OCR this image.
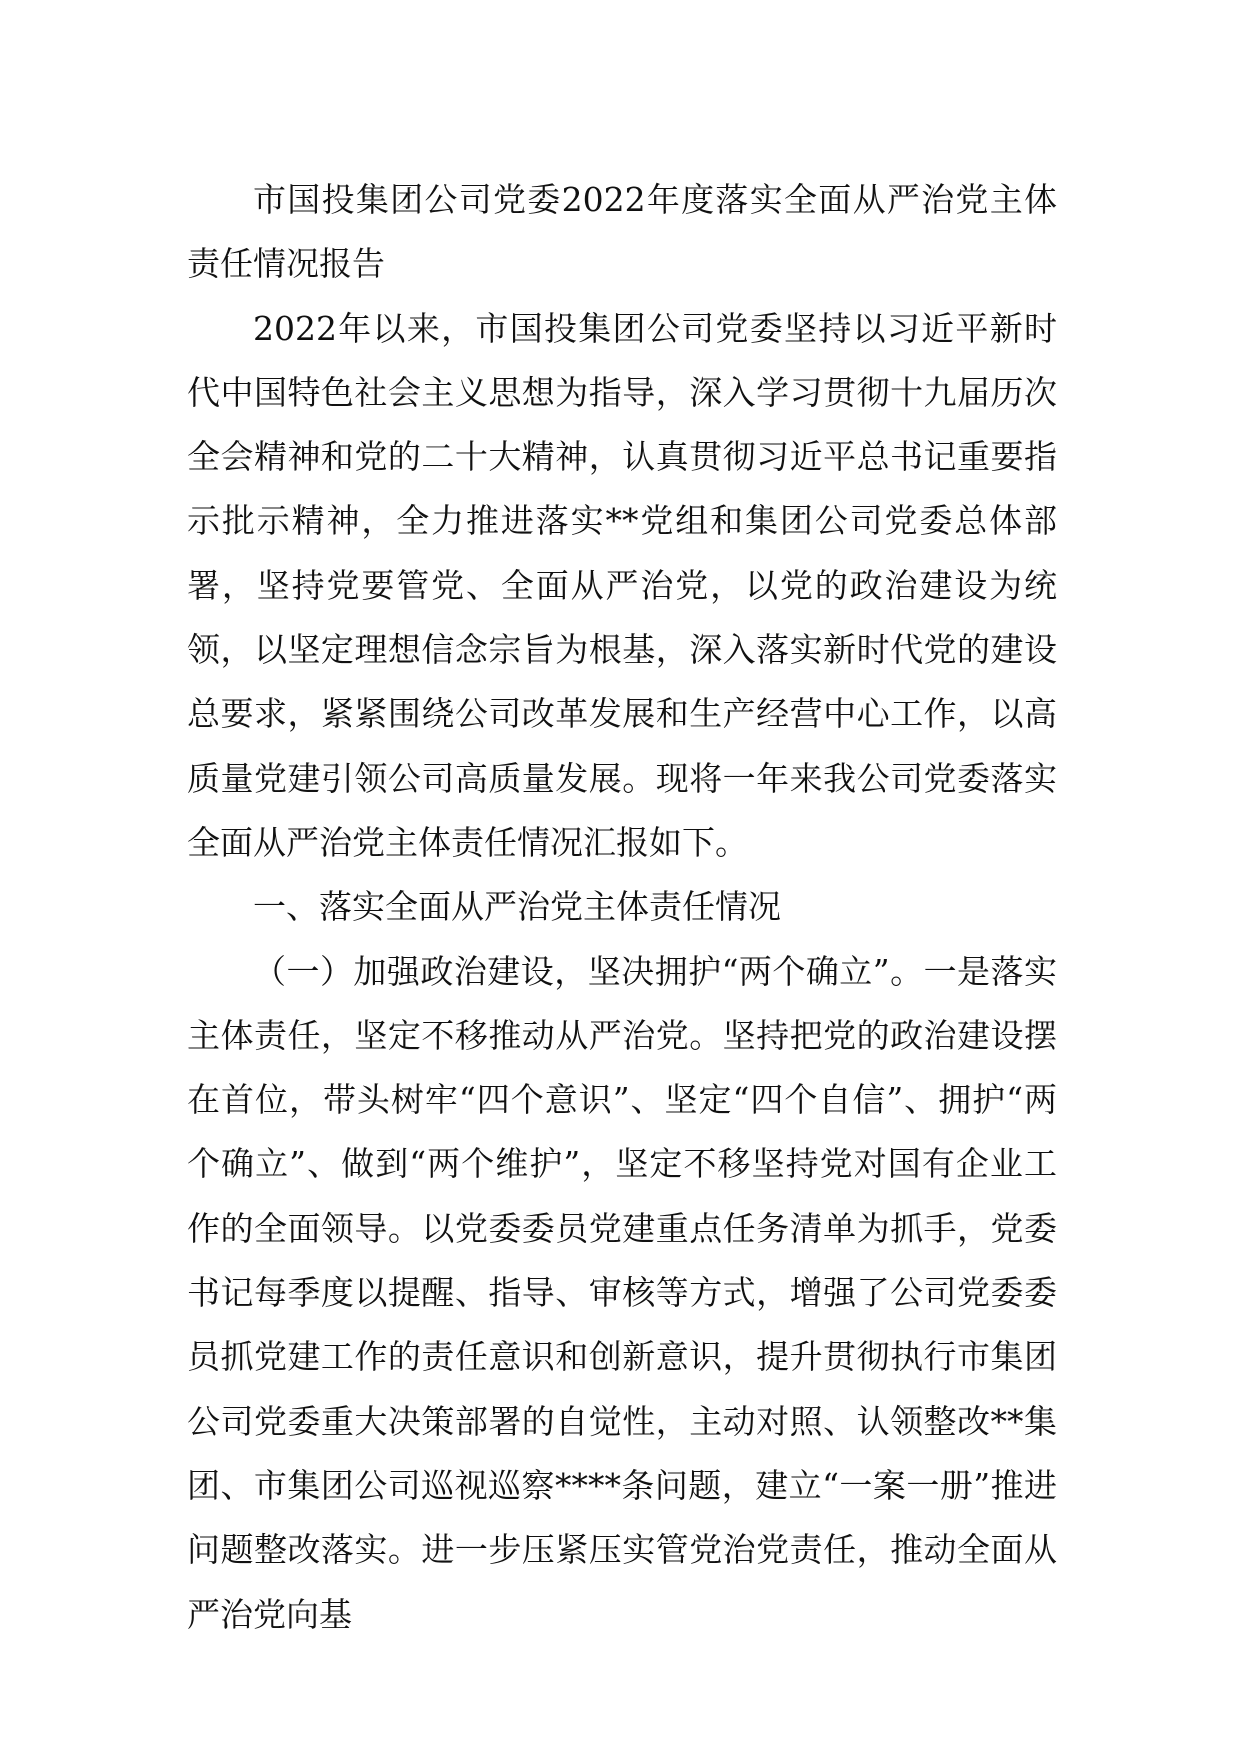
市国投集团公司党委2022年度落实全面从严治党主体责任情况报告

2022年以来，市国投集团公司党委坚持以习近平新时代中国特色社会主义思想为指导，深入学习贯彻十九届历次全会精神和党的二十大精神，认真贯彻习近平总书记重要指示批示精神，全力推进落实**党组和集团公司党委总体部署，坚持党要管党、全面从严治党，以党的政治建设为统领，以坚定理想信念宗旨为根基，深入落实新时代党的建设总要求，紧紧围绕公司改革发展和生产经营中心工作，以高质量党建引领公司高质量发展。现将一年来我公司党委落实全面从严治党主体责任情况汇报如下。

一、落实全面从严治党主体责任情况

（一）加强政治建设，坚决拥护“两个确立”。一是落实主体责任，坚定不移推动从严治党。坚持把党的政治建设摆在首位，带头树牢“四个意识”、坚定“四个自信”、拥护“两个确立”、做到“两个维护”，坚定不移坚持党对国有企业工作的全面领导。以党委委员党建重点任务清单为抓手，党委书记每季度以提醒、指导、审核等方式，增强了公司党委委员抓党建工作的责任意识和创新意识，提升贯彻执行市集团公司党委重大决策部署的自觉性，主动对照、认领整改**集团、市集团公司巡视巡察****条问题，建立“一案一册”推进问题整改落实。进一步压紧压实管党治党责任，推动全面从严治党向基
